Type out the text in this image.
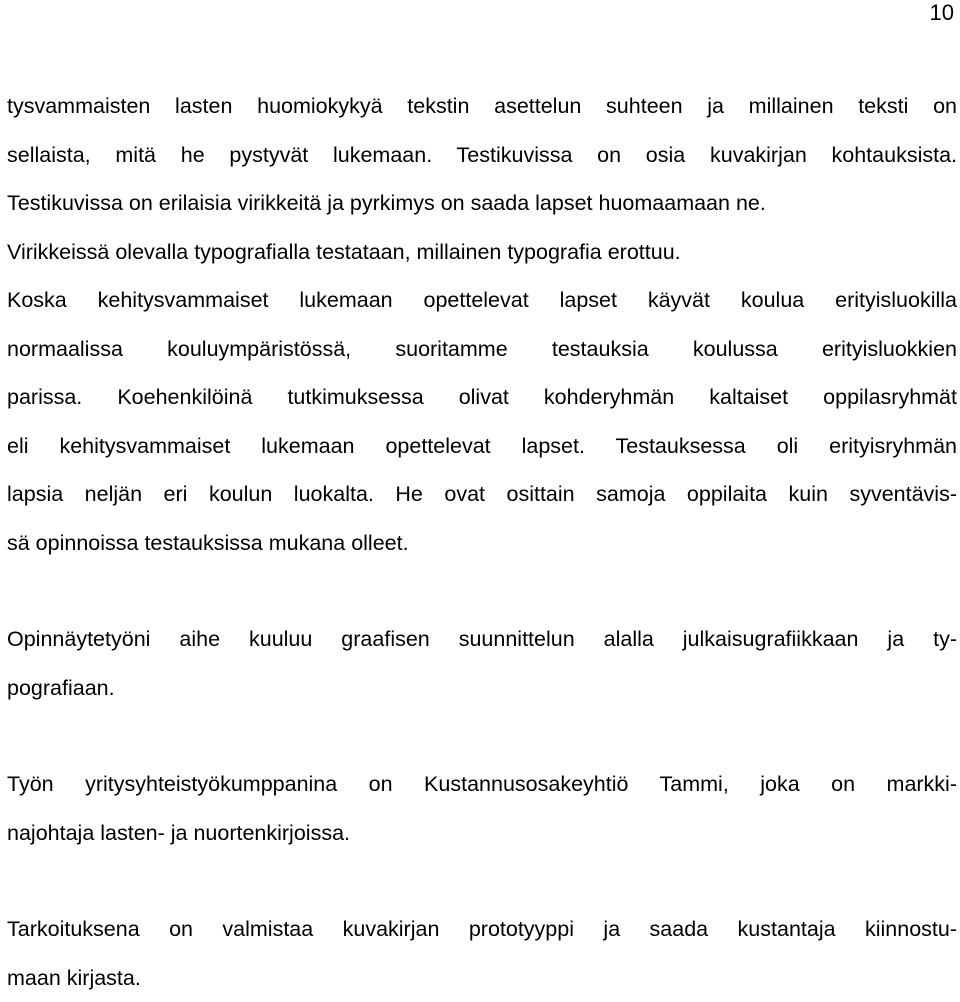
10
tysvammaisten lasten huomiokykyä tekstin asettelun suhteen ja millainen teksti on
sellaista, mitä he pystyvät lukemaan. Testikuvissa on osia kuvakirjan kohtauksista.
Testikuvissa on erilaisia virikkeitä ja pyrkimys on saada lapset huomaamaan ne.
Virikkeissä olevalla typografialla testataan, millainen typografia erottuu.
Koska kehitysvammaiset lukemaan opettelevat lapset käyvät koulua erityisluokilla
normaalissa kouluympäristössä, suoritamme testauksia koulussa erityisluokkien
parissa. Koehenkilöinä tutkimuksessa olivat kohderyhmän kaltaiset oppilasryhmät
eli kehitysvammaiset lukemaan opettelevat lapset. Testauksessa oli erityisryhmän
lapsia neljän eri koulun luokalta. He ovat osittain samoja oppilaita kuin syventävis-
sä opinnoissa testauksissa mukana olleet.
Opinnäytetyöni aihe kuuluu graafisen suunnittelun alalla julkaisugrafiikkaan ja ty-
pografiaan.
Työn yritysyhteistyökumppanina on Kustannusosakeyhtiö Tammi, joka on markki-
najohtaja lasten- ja nuortenkirjoissa.
Tarkoituksena on valmistaa kuvakirjan prototyyppi ja saada kustantaja kiinnostu-
maan kirjasta.
